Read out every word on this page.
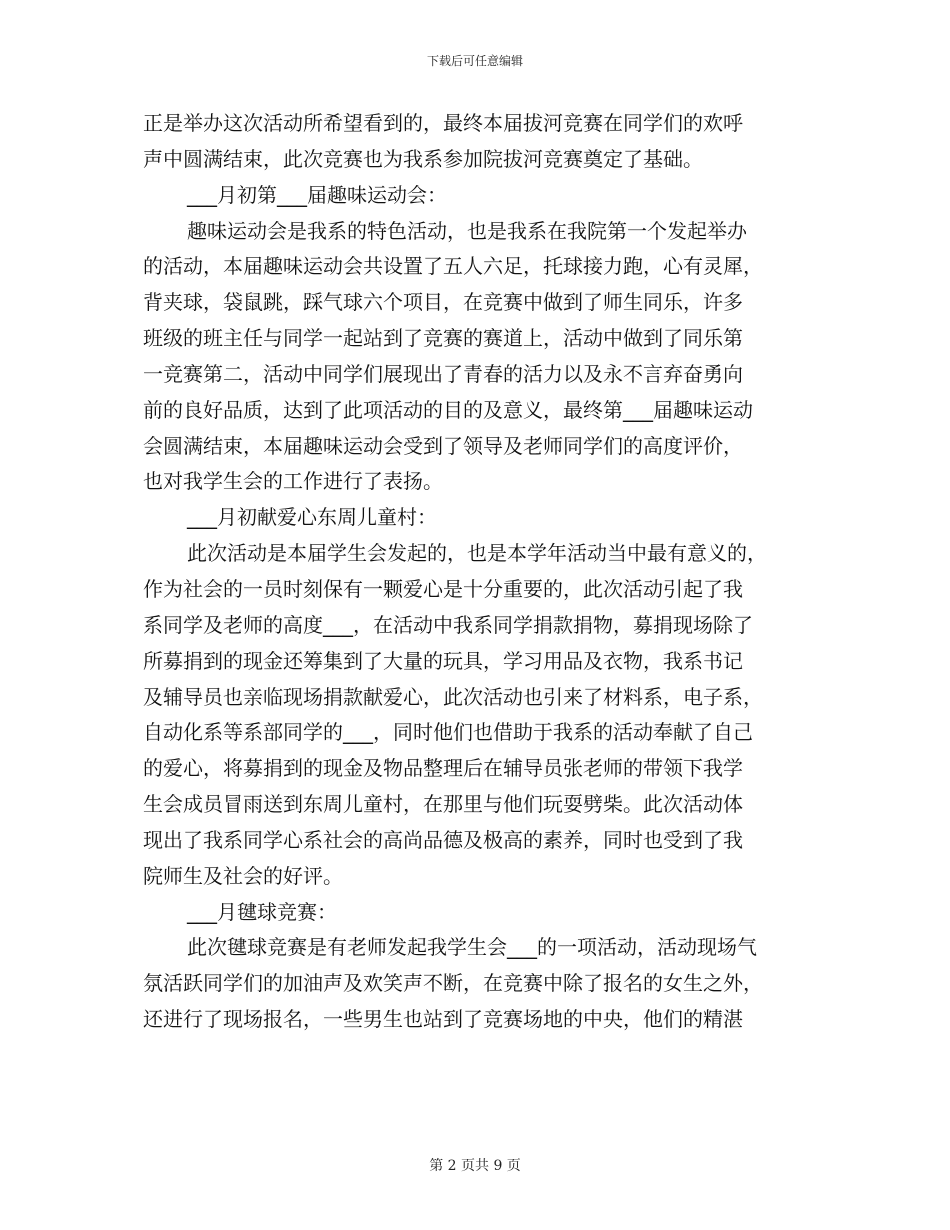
下载后可任意编辑
正是举办这次活动所希望看到的，最终本届拔河竞赛在同学们的欢呼
声中圆满结束，此次竞赛也为我系参加院拔河竞赛奠定了基础。
___月初第___届趣味运动会：
趣味运动会是我系的特色活动，也是我系在我院第一个发起举办
的活动，本届趣味运动会共设置了五人六足，托球接力跑，心有灵犀，
背夹球，袋鼠跳，踩气球六个项目，在竞赛中做到了师生同乐，许多
班级的班主任与同学一起站到了竞赛的赛道上，活动中做到了同乐第
一竞赛第二，活动中同学们展现出了青春的活力以及永不言弃奋勇向
前的良好品质，达到了此项活动的目的及意义，最终第___届趣味运动
会圆满结束，本届趣味运动会受到了领导及老师同学们的高度评价，
也对我学生会的工作进行了表扬。
___月初献爱心东周儿童村：
此次活动是本届学生会发起的，也是本学年活动当中最有意义的，
作为社会的一员时刻保有一颗爱心是十分重要的，此次活动引起了我
系同学及老师的高度___，在活动中我系同学捐款捐物，募捐现场除了
所募捐到的现金还筹集到了大量的玩具，学习用品及衣物，我系书记
及辅导员也亲临现场捐款献爱心，此次活动也引来了材料系，电子系，
自动化系等系部同学的___，同时他们也借助于我系的活动奉献了自己
的爱心，将募捐到的现金及物品整理后在辅导员张老师的带领下我学
生会成员冒雨送到东周儿童村，在那里与他们玩耍劈柴。此次活动体
现出了我系同学心系社会的高尚品德及极高的素养，同时也受到了我
院师生及社会的好评。
___月毽球竞赛：
此次毽球竞赛是有老师发起我学生会___的一项活动，活动现场气
氛活跃同学们的加油声及欢笑声不断，在竞赛中除了报名的女生之外，
还进行了现场报名，一些男生也站到了竞赛场地的中央，他们的精湛
第 2 页共 9 页
